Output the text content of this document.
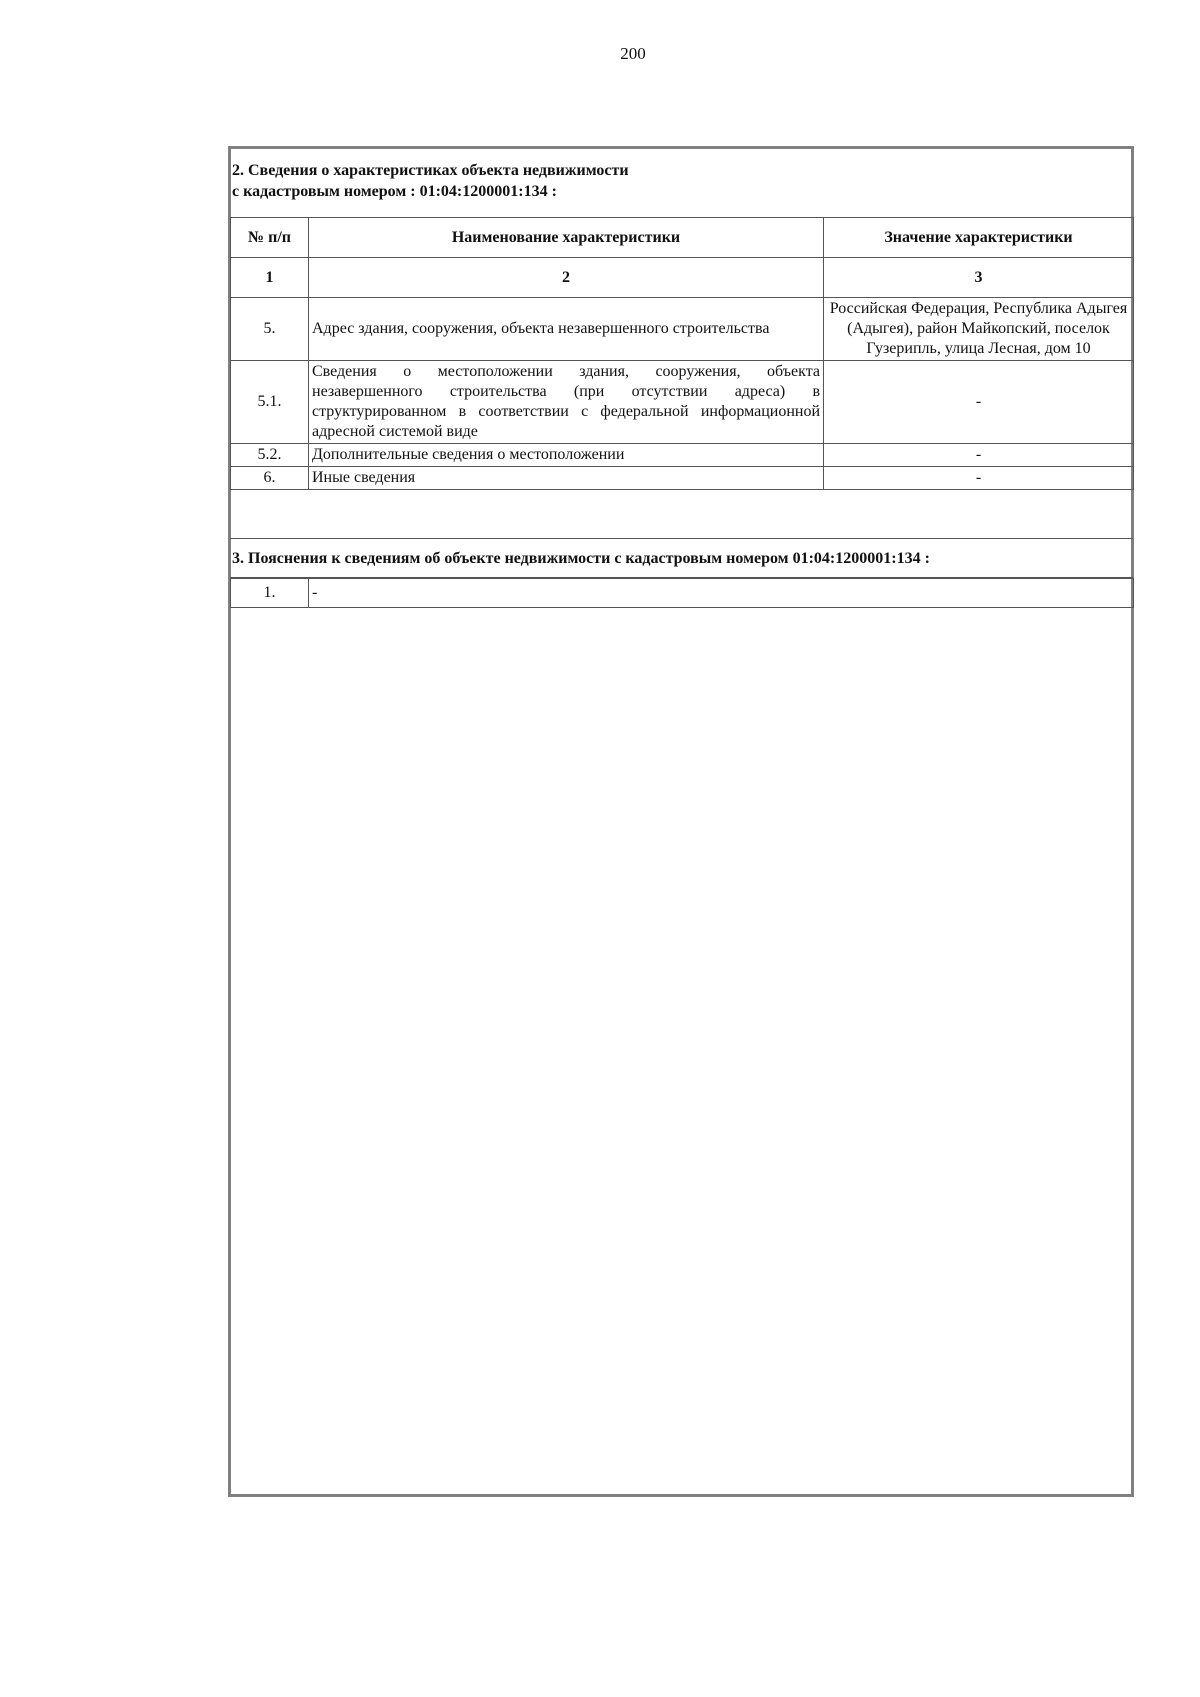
200
2. Сведения о характеристиках объекта недвижимости
с кадастровым номером : 01:04:1200001:134 :
№ п/п	Наименование характеристики	Значение характеристики
1	2	3
5.	Адрес здания, сооружения, объекта незавершенного строительства	Российская Федерация, Республика Адыгея (Адыгея), район Майкопский, поселок Гузерипль, улица Лесная, дом 10
5.1.	Сведения о местоположении здания, сооружения, объекта незавершенного строительства (при отсутствии адреса) в структурированном в соответствии с федеральной информационной адресной системой виде	-
5.2.	Дополнительные сведения о местоположении	-
6.	Иные сведения	-
3. Пояснения к сведениям об объекте недвижимости с кадастровым номером 01:04:1200001:134 :
1.	-
